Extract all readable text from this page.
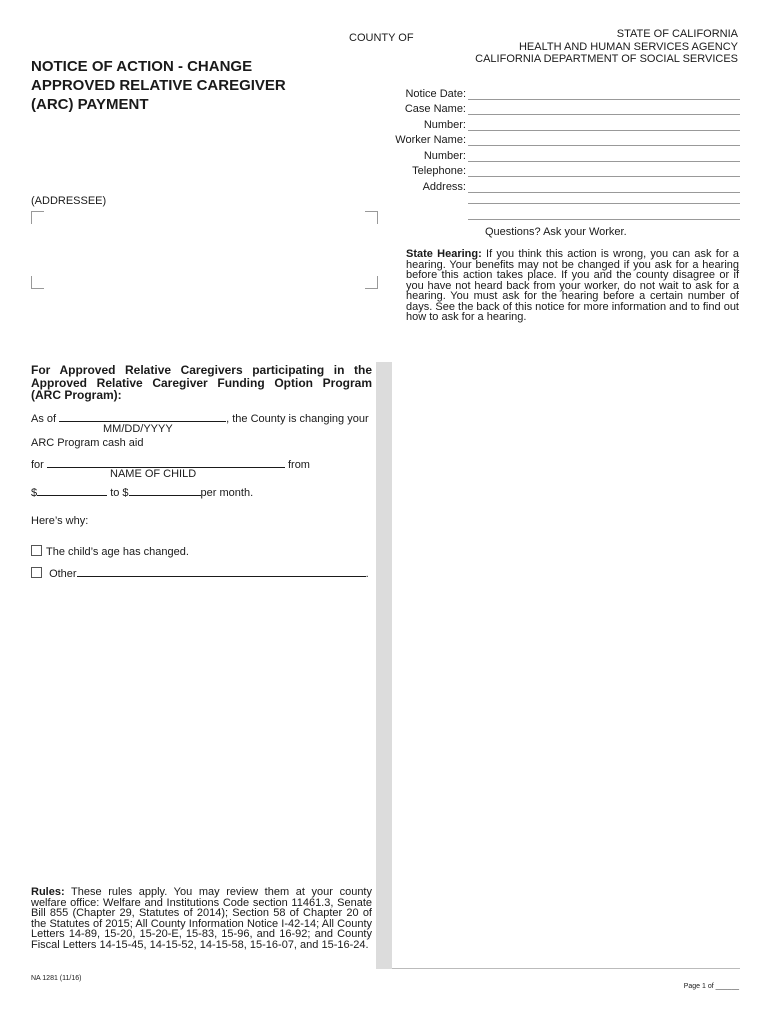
COUNTY OF	STATE OF CALIFORNIA
HEALTH AND HUMAN SERVICES AGENCY
CALIFORNIA DEPARTMENT OF SOCIAL SERVICES
NOTICE OF ACTION - CHANGE
APPROVED RELATIVE CAREGIVER
(ARC) PAYMENT
Notice Date:
Case Name:
Number:
Worker Name:
Number:
Telephone:
Address:
(ADDRESSEE)
Questions? Ask your Worker.
State Hearing: If you think this action is wrong, you can ask for a hearing. Your benefits may not be changed if you ask for a hearing before this action takes place. If you and the county disagree or if you have not heard back from your worker, do not wait to ask for a hearing. You must ask for the hearing before a certain number of days. See the back of this notice for more information and to find out how to ask for a hearing.
For Approved Relative Caregivers participating in the Approved Relative Caregiver Funding Option Program (ARC Program):
As of	, the County is changing your
MM/DD/YYYY
ARC Program cash aid
for	from
NAME OF CHILD
$	to $	per month.
Here’s why:
The child’s age has changed.
Other	.
Rules: These rules apply. You may review them at your county welfare office: Welfare and Institutions Code section 11461.3, Senate Bill 855 (Chapter 29, Statutes of 2014); Section 58 of Chapter 20 of the Statutes of 2015; All County Information Notice I-42-14; All County Letters 14-89, 15-20, 15-20-E, 15-83, 15-96, and 16-92; and County Fiscal Letters 14-15-45, 14-15-52, 14-15-58, 15-16-07, and 15-16-24.
NA 1281 (11/16)
Page 1 of ______
